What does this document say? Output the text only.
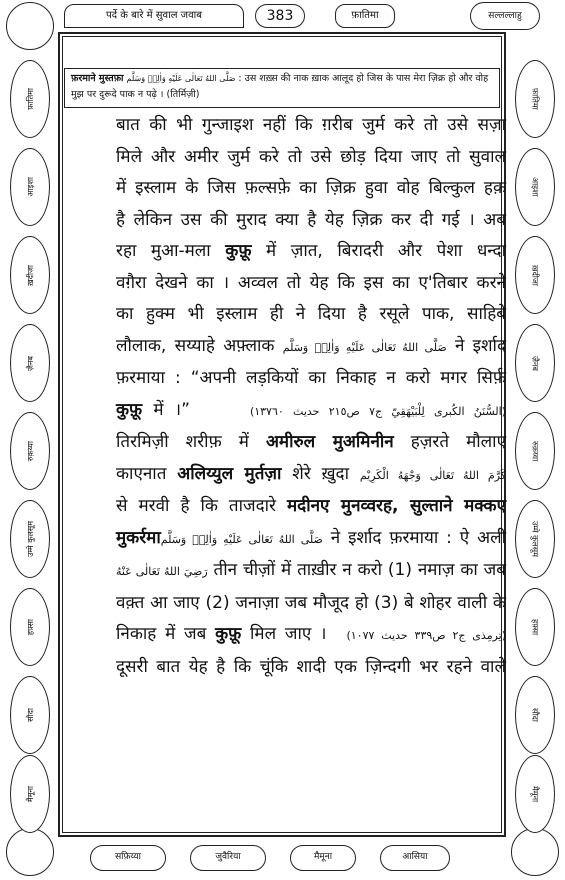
पर्दे के बारे में सुवाल जवाब	383	फ़ातिमा	सल्लल्लाहु
फ़ातिमा
आइशा
ख़दीजा
ज़ैनब
रुक़य्या
उम्मे कुलसूम
हफ़्सा
सौदा
मैमूना
फ़ातिमा
आइशा
ख़दीजा
ज़ैनब
रुक़य्या
उम्मे कुलसूम
हफ़्सा
सौदा
मैमूना
सफ़िय्या	जुवैरिया	मैमूना	आसिया
फ़रमाने मुस्तफ़ा صَلَّى اللهُ تَعَالٰى عَلَيْهِ وَاٰلِهٖ وَسَلَّم : उस शख़्स की नाक ख़ाक आलूद हो जिस के पास मेरा ज़िक्र हो और वोह
मुझ पर दुरूदे पाक न पढ़े । (तिर्मिज़ी)
बात की भी गुन्जाइश नहीं कि ग़रीब जुर्म करे तो उसे सज़ा
मिले और अमीर जुर्म करे तो उसे छोड़ दिया जाए तो सुवाल
में इस्लाम के जिस फ़ल्सफ़े का ज़िक्र हुवा वोह बिल्कुल हक़
है लेकिन उस की मुराद क्या है येह ज़िक्र कर दी गई । अब
रहा मुआ-मला कुफ़ू में ज़ात, बिरादरी और पेशा धन्दा
वग़ैरा देखने का । अव्वल तो येह कि इस का ए'तिबार करने
का हुक्म भी इस्लाम ही ने दिया है रसूले पाक, साहिबे
लौलाक, सय्याहे अफ़्लाक صَلَّى اللهُ تَعَالٰى عَلَيْهِ وَاٰلِهٖ وَسَلَّم ने इर्शाद
फ़रमाया : “अपनी लड़कियों का निकाह न करो मगर सिर्फ़
कुफ़ू में ।”	(السُّنَنُ الكُبرى لِلْبَيْهَقِيّ ج٧ ص٢١٥ حديث ١٣٧٦٠)
तिरमिज़ी शरीफ़ में अमीरुल मुअमिनीन हज़रते मौलाए
काएनात अलिय्युल मुर्तज़ा शेरे ख़ुदा كَرَّمَ اللهُ تَعَالٰى وَجْهَهُ الْكَرِيْم
से मरवी है कि ताजदारे मदीनए मुनव्वरह, सुल्ताने मक्कए
मुकर्रमाصَلَّى اللهُ تَعَالٰى عَلَيْهِ وَاٰلِهٖ وَسَلَّم ने इर्शाद फ़रमाया : ऐ अली
رَضِيَ اللهُ تَعَالٰى عَنْهُ तीन चीज़ों में ताख़ीर न करो (1) नमाज़ का जब
वक़्त आ जाए (2) जनाज़ा जब मौजूद हो (3) बे शोहर वाली के
निकाह में जब कुफ़ू मिल जाए । (تِرمِذی ج٢ ص٣٣٩ حديث ١٠٧٧)
दूसरी बात येह है कि चूंकि शादी एक ज़िन्दगी भर रहने वाले
